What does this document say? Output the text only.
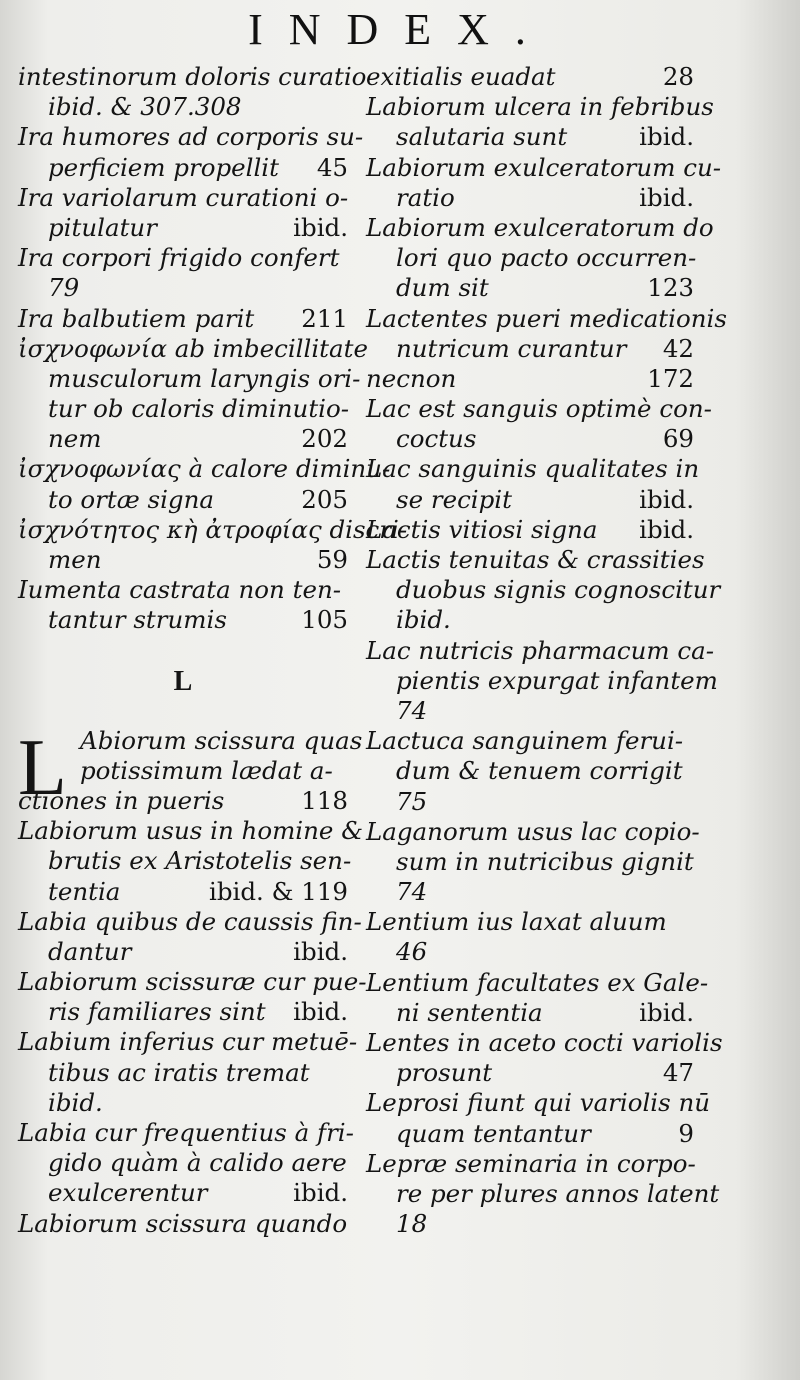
INDEX.
intestinorum doloris curatio
ibid. & 307.308
Ira humores ad corporis su-
perficiem propellit	45
Ira variolarum curationi o-
pitulatur	ibid.
Ira corpori frigido confert
79
Ira balbutiem parit	211
ἰσχνοφωνία ab imbecillitate
musculorum laryngis ori-
tur ob caloris diminutio-
nem	202
ἰσχνοφωνίας à calore diminu-
to ortæ signa	205
ἰσχνότητος κὴ ἀτροφίας discri-
men	59
Iumenta castrata non ten-
tantur strumis	105
L
L Abiorum scissura quas
potissimum lædat a-
ctiones in pueris	118
Labiorum usus in homine &
brutis ex Aristotelis sen-
tentia	ibid. & 119
Labia quibus de caussis fin-
dantur	ibid.
Labiorum scissuræ cur pue-
ris familiares sint	ibid.
Labium inferius cur metuē-
tibus ac iratis tremat
ibid.
Labia cur frequentius à fri-
gido quàm à calido aere
exulcerentur	ibid.
Labiorum scissura quando
exitialis euadat	28
Labiorum ulcera in febribus
salutaria sunt	ibid.
Labiorum exulceratorum cu-
ratio	ibid.
Labiorum exulceratorum do
lori quo pacto occurren-
dum sit	123
Lactentes pueri medicationis
nutricum curantur	42
necnon	172
Lac est sanguis optimè con-
coctus	69
Lac sanguinis qualitates in
se recipit	ibid.
Lactis vitiosi signa	ibid.
Lactis tenuitas & crassities
duobus signis cognoscitur
ibid.
Lac nutricis pharmacum ca-
pientis expurgat infantem
74
Lactuca sanguinem ferui-
dum & tenuem corrigit
75
Laganorum usus lac copio-
sum in nutricibus gignit
74
Lentium ius laxat aluum
46
Lentium facultates ex Gale-
ni sententia	ibid.
Lentes in aceto cocti variolis
prosunt	47
Leprosi fiunt qui variolis nū
quam tentantur	9
Lepræ seminaria in corpo-
re per plures annos latent
18
